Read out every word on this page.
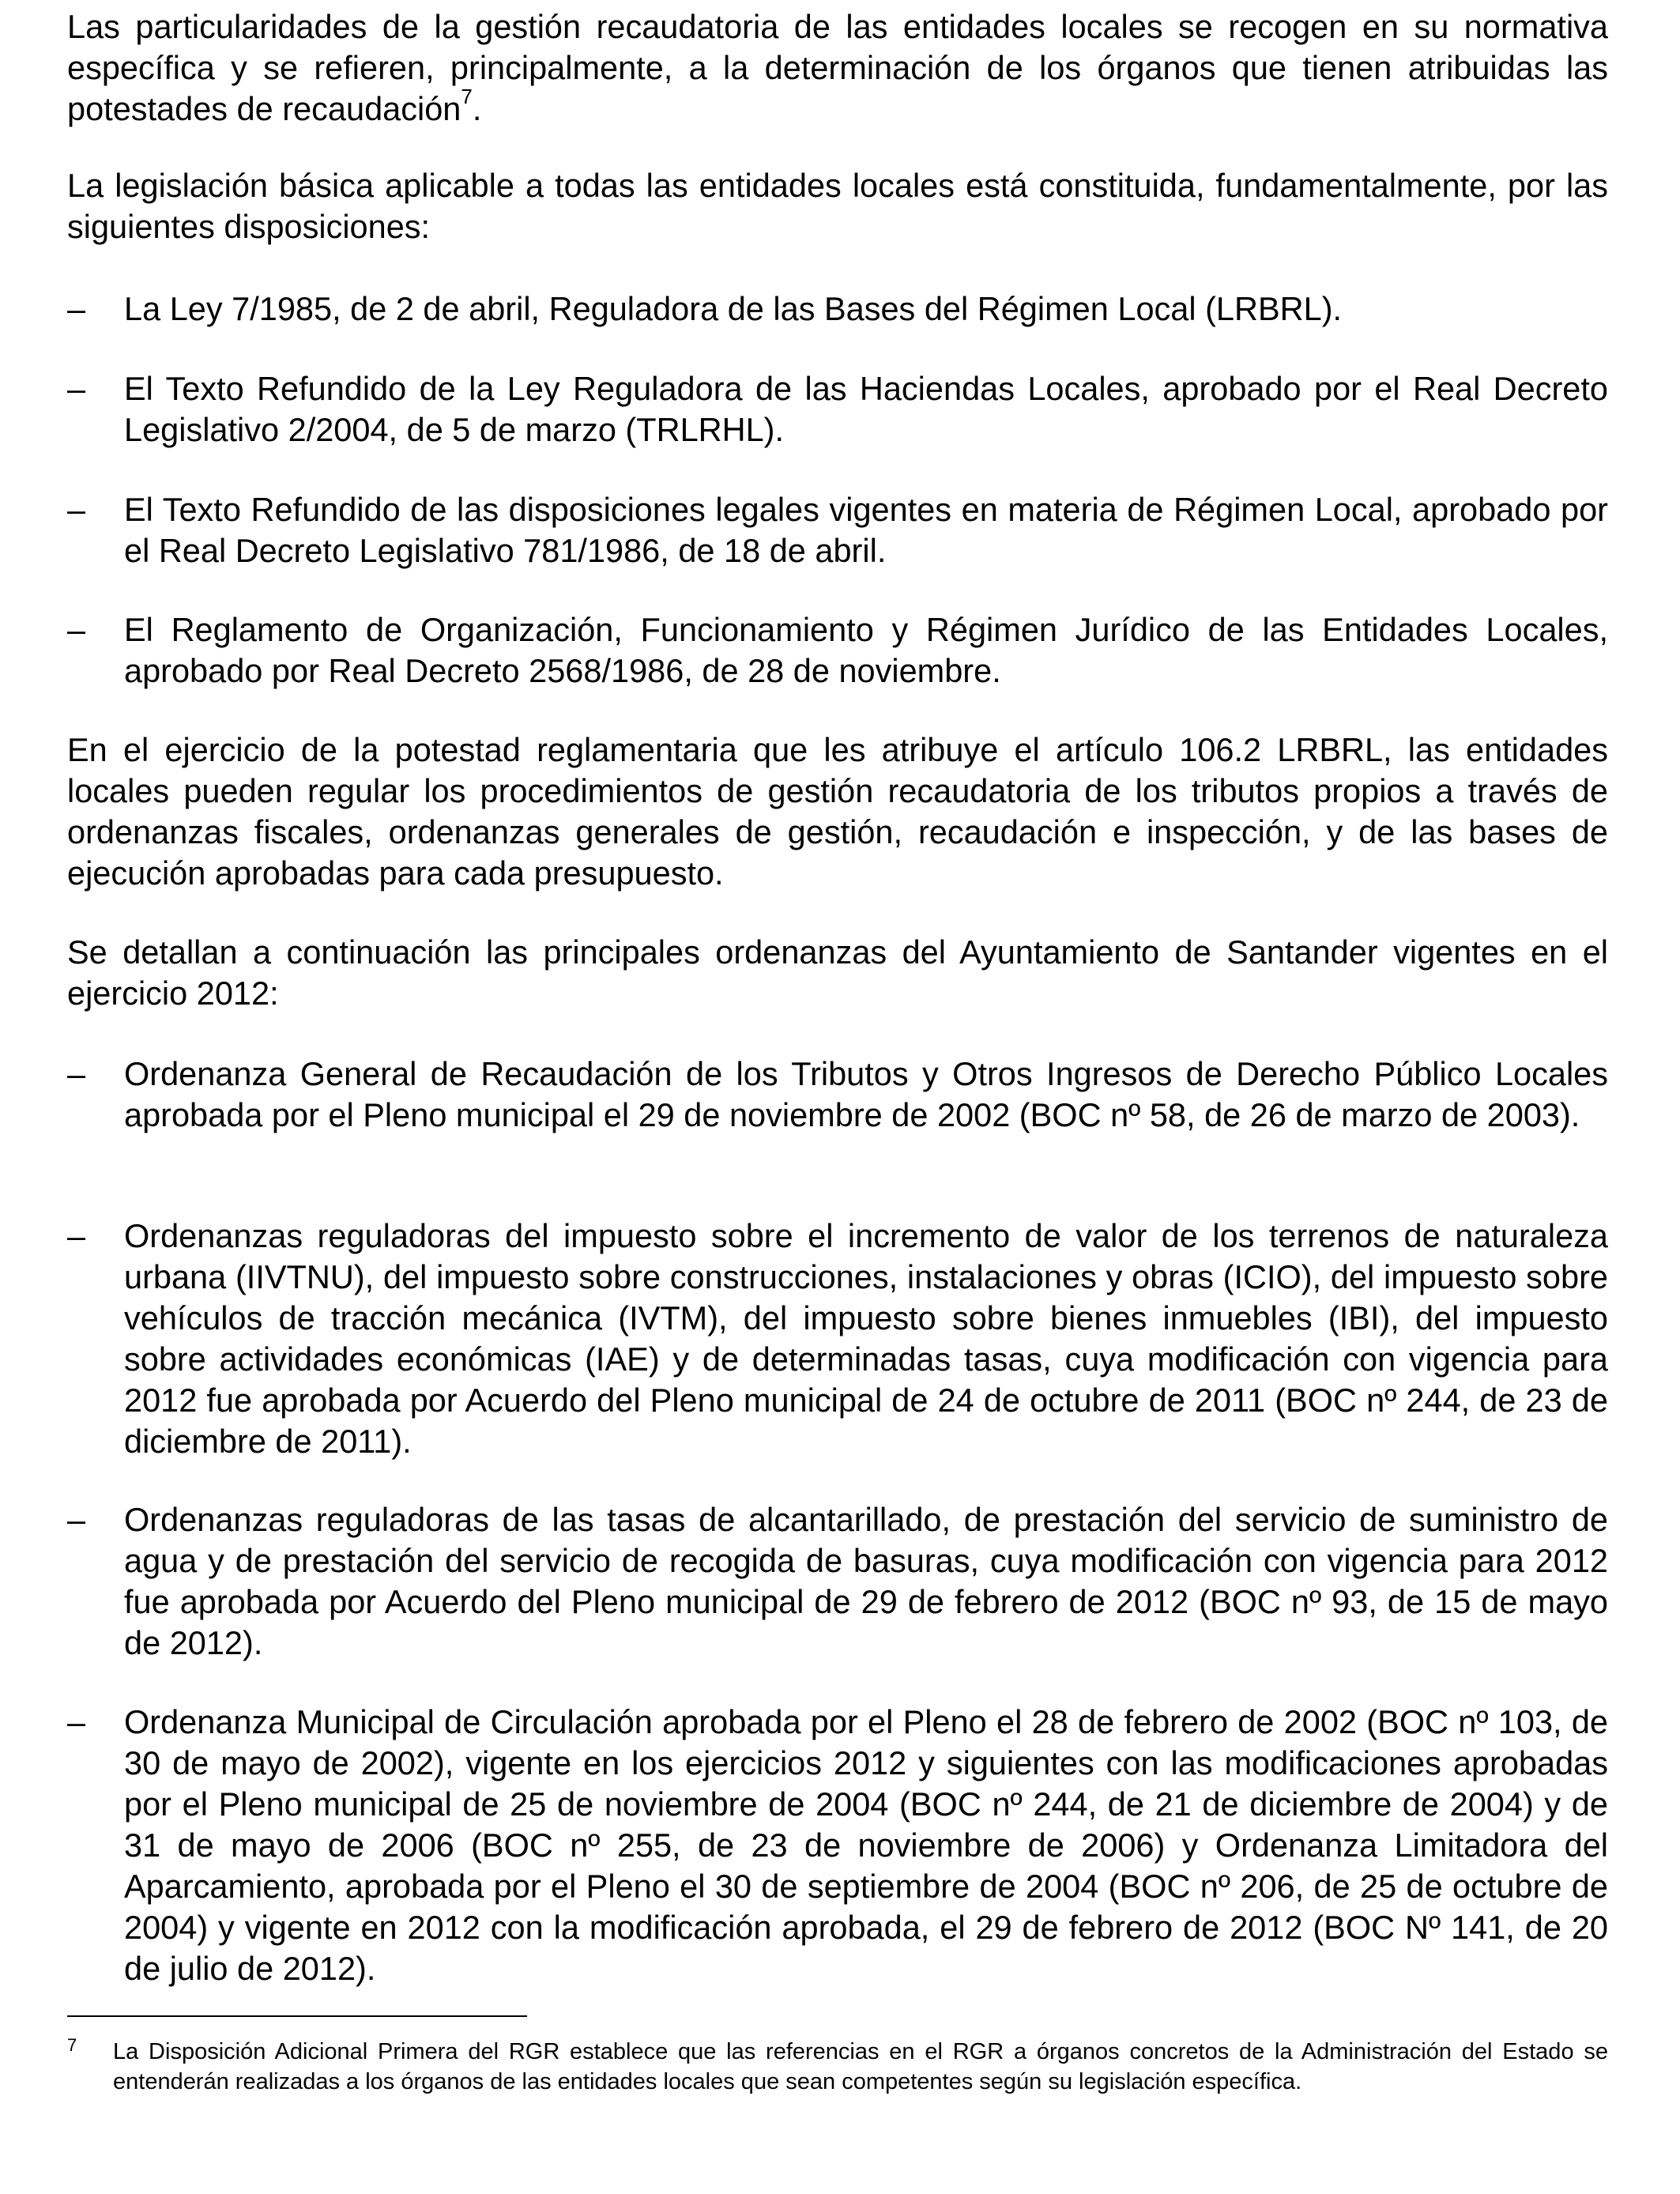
Las particularidades de la gestión recaudatoria de las entidades locales se recogen en su normativa específica y se refieren, principalmente, a la determinación de los órganos que tienen atribuidas las potestades de recaudación$^7$.

La legislación básica aplicable a todas las entidades locales está constituida, fundamentalmente, por las siguientes disposiciones:

–	La Ley 7/1985, de 2 de abril, Reguladora de las Bases del Régimen Local (LRBRL).
–	El Texto Refundido de la Ley Reguladora de las Haciendas Locales, aprobado por el Real Decreto Legislativo 2/2004, de 5 de marzo (TRLRHL).
–	El Texto Refundido de las disposiciones legales vigentes en materia de Régimen Local, aprobado por el Real Decreto Legislativo 781/1986, de 18 de abril.
–	El Reglamento de Organización, Funcionamiento y Régimen Jurídico de las Entidades Locales, aprobado por Real Decreto 2568/1986, de 28 de noviembre.

En el ejercicio de la potestad reglamentaria que les atribuye el artículo 106.2 LRBRL, las entidades locales pueden regular los procedimientos de gestión recaudatoria de los tributos propios a través de ordenanzas fiscales, ordenanzas generales de gestión, recaudación e inspección, y de las bases de ejecución aprobadas para cada presupuesto.

Se detallan a continuación las principales ordenanzas del Ayuntamiento de Santander vigentes en el ejercicio 2012:

–	Ordenanza General de Recaudación de los Tributos y Otros Ingresos de Derecho Público Locales aprobada por el Pleno municipal el 29 de noviembre de 2002 (BOC nº 58, de 26 de marzo de 2003).
–	Ordenanzas reguladoras del impuesto sobre el incremento de valor de los terrenos de naturaleza urbana (IIVTNU), del impuesto sobre construcciones, instalaciones y obras (ICIO), del impuesto sobre vehículos de tracción mecánica (IVTM), del impuesto sobre bienes inmuebles (IBI), del impuesto sobre actividades económicas (IAE) y de determinadas tasas, cuya modificación con vigencia para 2012 fue aprobada por Acuerdo del Pleno municipal de 24 de octubre de 2011 (BOC nº 244, de 23 de diciembre de 2011).
–	Ordenanzas reguladoras de las tasas de alcantarillado, de prestación del servicio de suministro de agua y de prestación del servicio de recogida de basuras, cuya modificación con vigencia para 2012 fue aprobada por Acuerdo del Pleno municipal de 29 de febrero de 2012 (BOC nº 93, de 15 de mayo de 2012).
–	Ordenanza Municipal de Circulación aprobada por el Pleno el 28 de febrero de 2002 (BOC nº 103, de 30 de mayo de 2002), vigente en los ejercicios 2012 y siguientes con las modificaciones aprobadas por el Pleno municipal de 25 de noviembre de 2004 (BOC nº 244, de 21 de diciembre de 2004) y de 31 de mayo de 2006 (BOC nº 255, de 23 de noviembre de 2006) y Ordenanza Limitadora del Aparcamiento, aprobada por el Pleno el 30 de septiembre de 2004 (BOC nº 206, de 25 de octubre de 2004) y vigente en 2012 con la modificación aprobada, el 29 de febrero de 2012 (BOC Nº 141, de 20 de julio de 2012).
7 La Disposición Adicional Primera del RGR establece que las referencias en el RGR a órganos concretos de la Administración del Estado se entenderán realizadas a los órganos de las entidades locales que sean competentes según su legislación específica.
